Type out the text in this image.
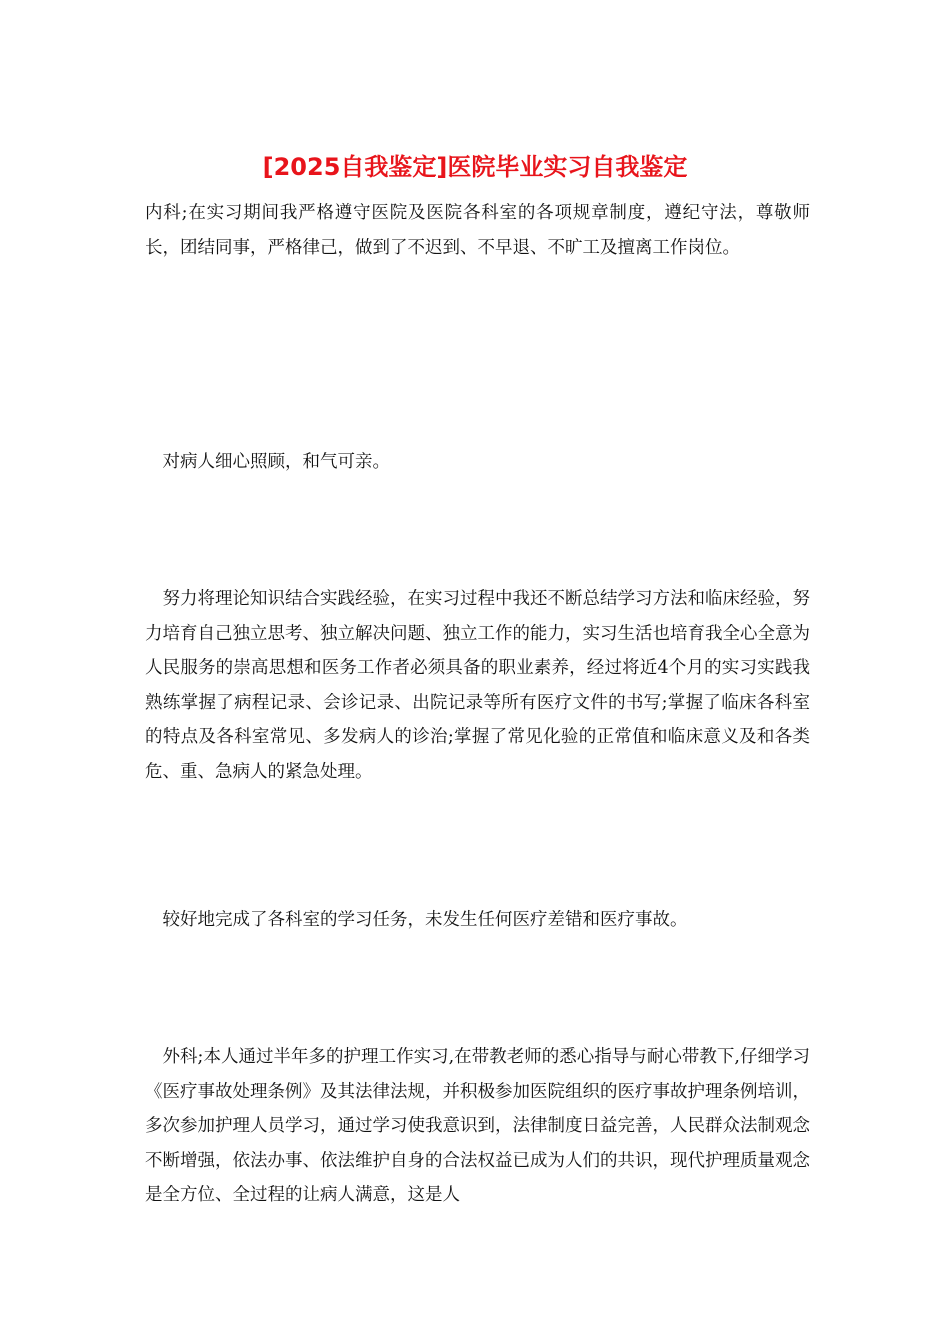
[2025自我鉴定]医院毕业实习自我鉴定

内科;在实习期间我严格遵守医院及医院各科室的各项规章制度，遵纪守法，尊敬师长，团结同事，严格律己，做到了不迟到、不早退、不旷工及擅离工作岗位。

　对病人细心照顾，和气可亲。

　努力将理论知识结合实践经验，在实习过程中我还不断总结学习方法和临床经验，努力培育自己独立思考、独立解决问题、独立工作的能力，实习生活也培育我全心全意为人民服务的崇高思想和医务工作者必须具备的职业素养，经过将近4个月的实习实践我熟练掌握了病程记录、会诊记录、出院记录等所有医疗文件的书写;掌握了临床各科室的特点及各科室常见、多发病人的诊治;掌握了常见化验的正常值和临床意义及和各类危、重、急病人的紧急处理。

　较好地完成了各科室的学习任务，未发生任何医疗差错和医疗事故。

　外科;本人通过半年多的护理工作实习,在带教老师的悉心指导与耐心带教下,仔细学习《医疗事故处理条例》及其法律法规，并积极参加医院组织的医疗事故护理条例培训，多次参加护理人员学习，通过学习使我意识到，法律制度日益完善，人民群众法制观念不断增强，依法办事、依法维护自身的合法权益已成为人们的共识，现代护理质量观念是全方位、全过程的让病人满意，这是人
